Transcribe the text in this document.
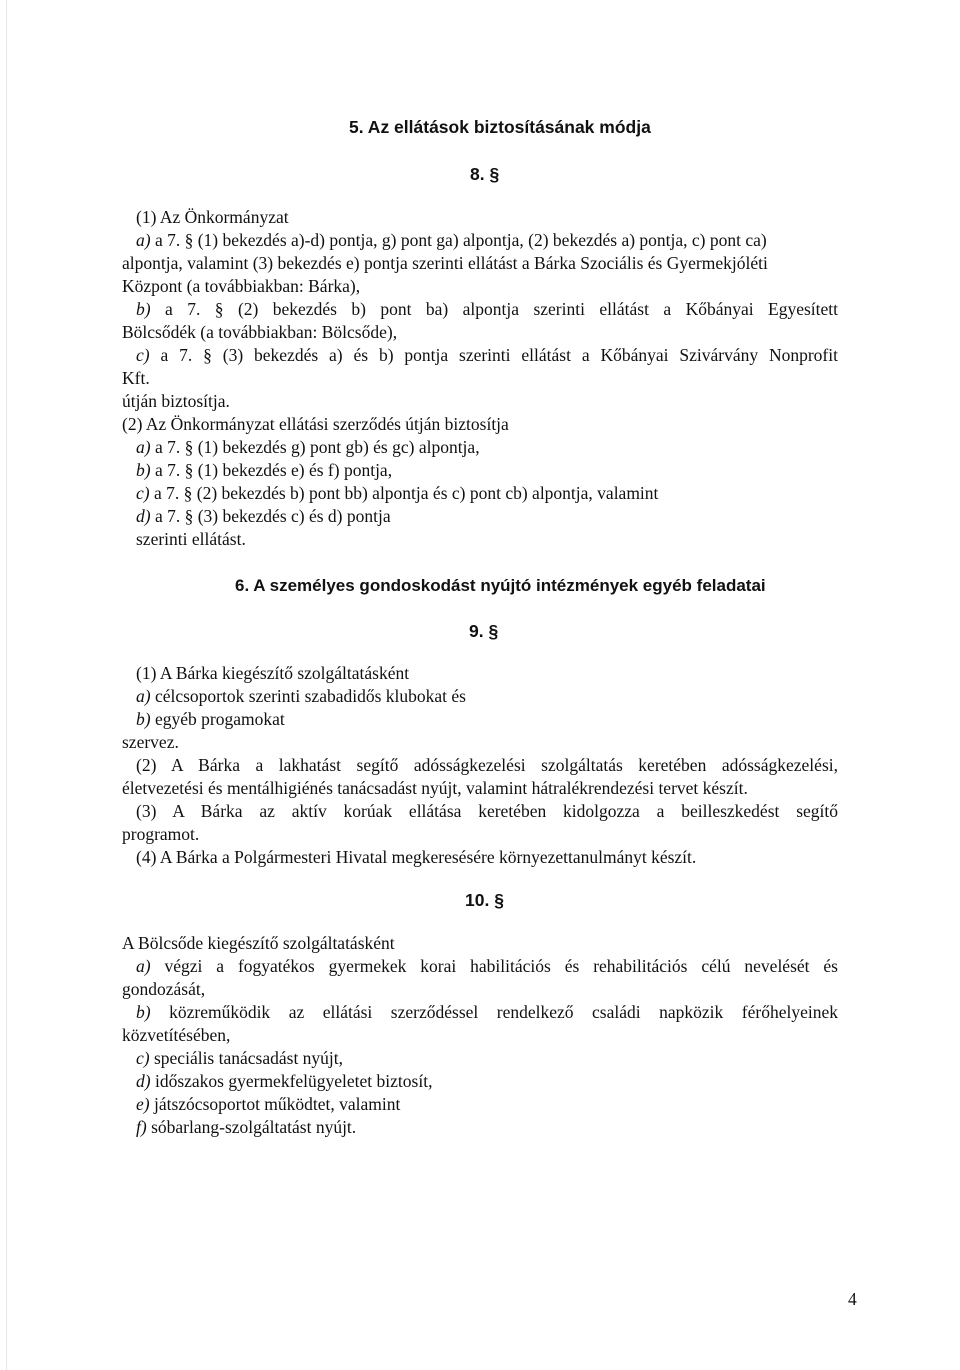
5. Az ellátások biztosításának módja
8. §
(1) Az Önkormányzat
a) a 7. § (1) bekezdés a)-d) pontja, g) pont ga) alpontja, (2) bekezdés a) pontja, c) pont ca)
alpontja, valamint (3) bekezdés e) pontja szerinti ellátást a Bárka Szociális és Gyermekjóléti
Központ (a továbbiakban: Bárka),
b) a 7. § (2) bekezdés b) pont ba) alpontja szerinti ellátást a Kőbányai Egyesített
Bölcsődék (a továbbiakban: Bölcsőde),
c) a 7. § (3) bekezdés a) és b) pontja szerinti ellátást a Kőbányai Szivárvány Nonprofit
Kft.
útján biztosítja.
(2) Az Önkormányzat ellátási szerződés útján biztosítja
a) a 7. § (1) bekezdés g) pont gb) és gc) alpontja,
b) a 7. § (1) bekezdés e) és f) pontja,
c) a 7. § (2) bekezdés b) pont bb) alpontja és c) pont cb) alpontja, valamint
d) a 7. § (3) bekezdés c) és d) pontja
szerinti ellátást.
6. A személyes gondoskodást nyújtó intézmények egyéb feladatai
9. §
(1) A Bárka kiegészítő szolgáltatásként
a) célcsoportok szerinti szabadidős klubokat és
b) egyéb progamokat
szervez.
(2) A Bárka a lakhatást segítő adósságkezelési szolgáltatás keretében adósságkezelési,
életvezetési és mentálhigiénés tanácsadást nyújt, valamint hátralékrendezési tervet készít.
(3) A Bárka az aktív korúak ellátása keretében kidolgozza a beilleszkedést segítő
programot.
(4) A Bárka a Polgármesteri Hivatal megkeresésére környezettanulmányt készít.
10. §
A Bölcsőde kiegészítő szolgáltatásként
a) végzi a fogyatékos gyermekek korai habilitációs és rehabilitációs célú nevelését és
gondozását,
b) közreműködik az ellátási szerződéssel rendelkező családi napközik férőhelyeinek
közvetítésében,
c) speciális tanácsadást nyújt,
d) időszakos gyermekfelügyeletet biztosít,
e) játszócsoportot működtet, valamint
f) sóbarlang-szolgáltatást nyújt.
4
